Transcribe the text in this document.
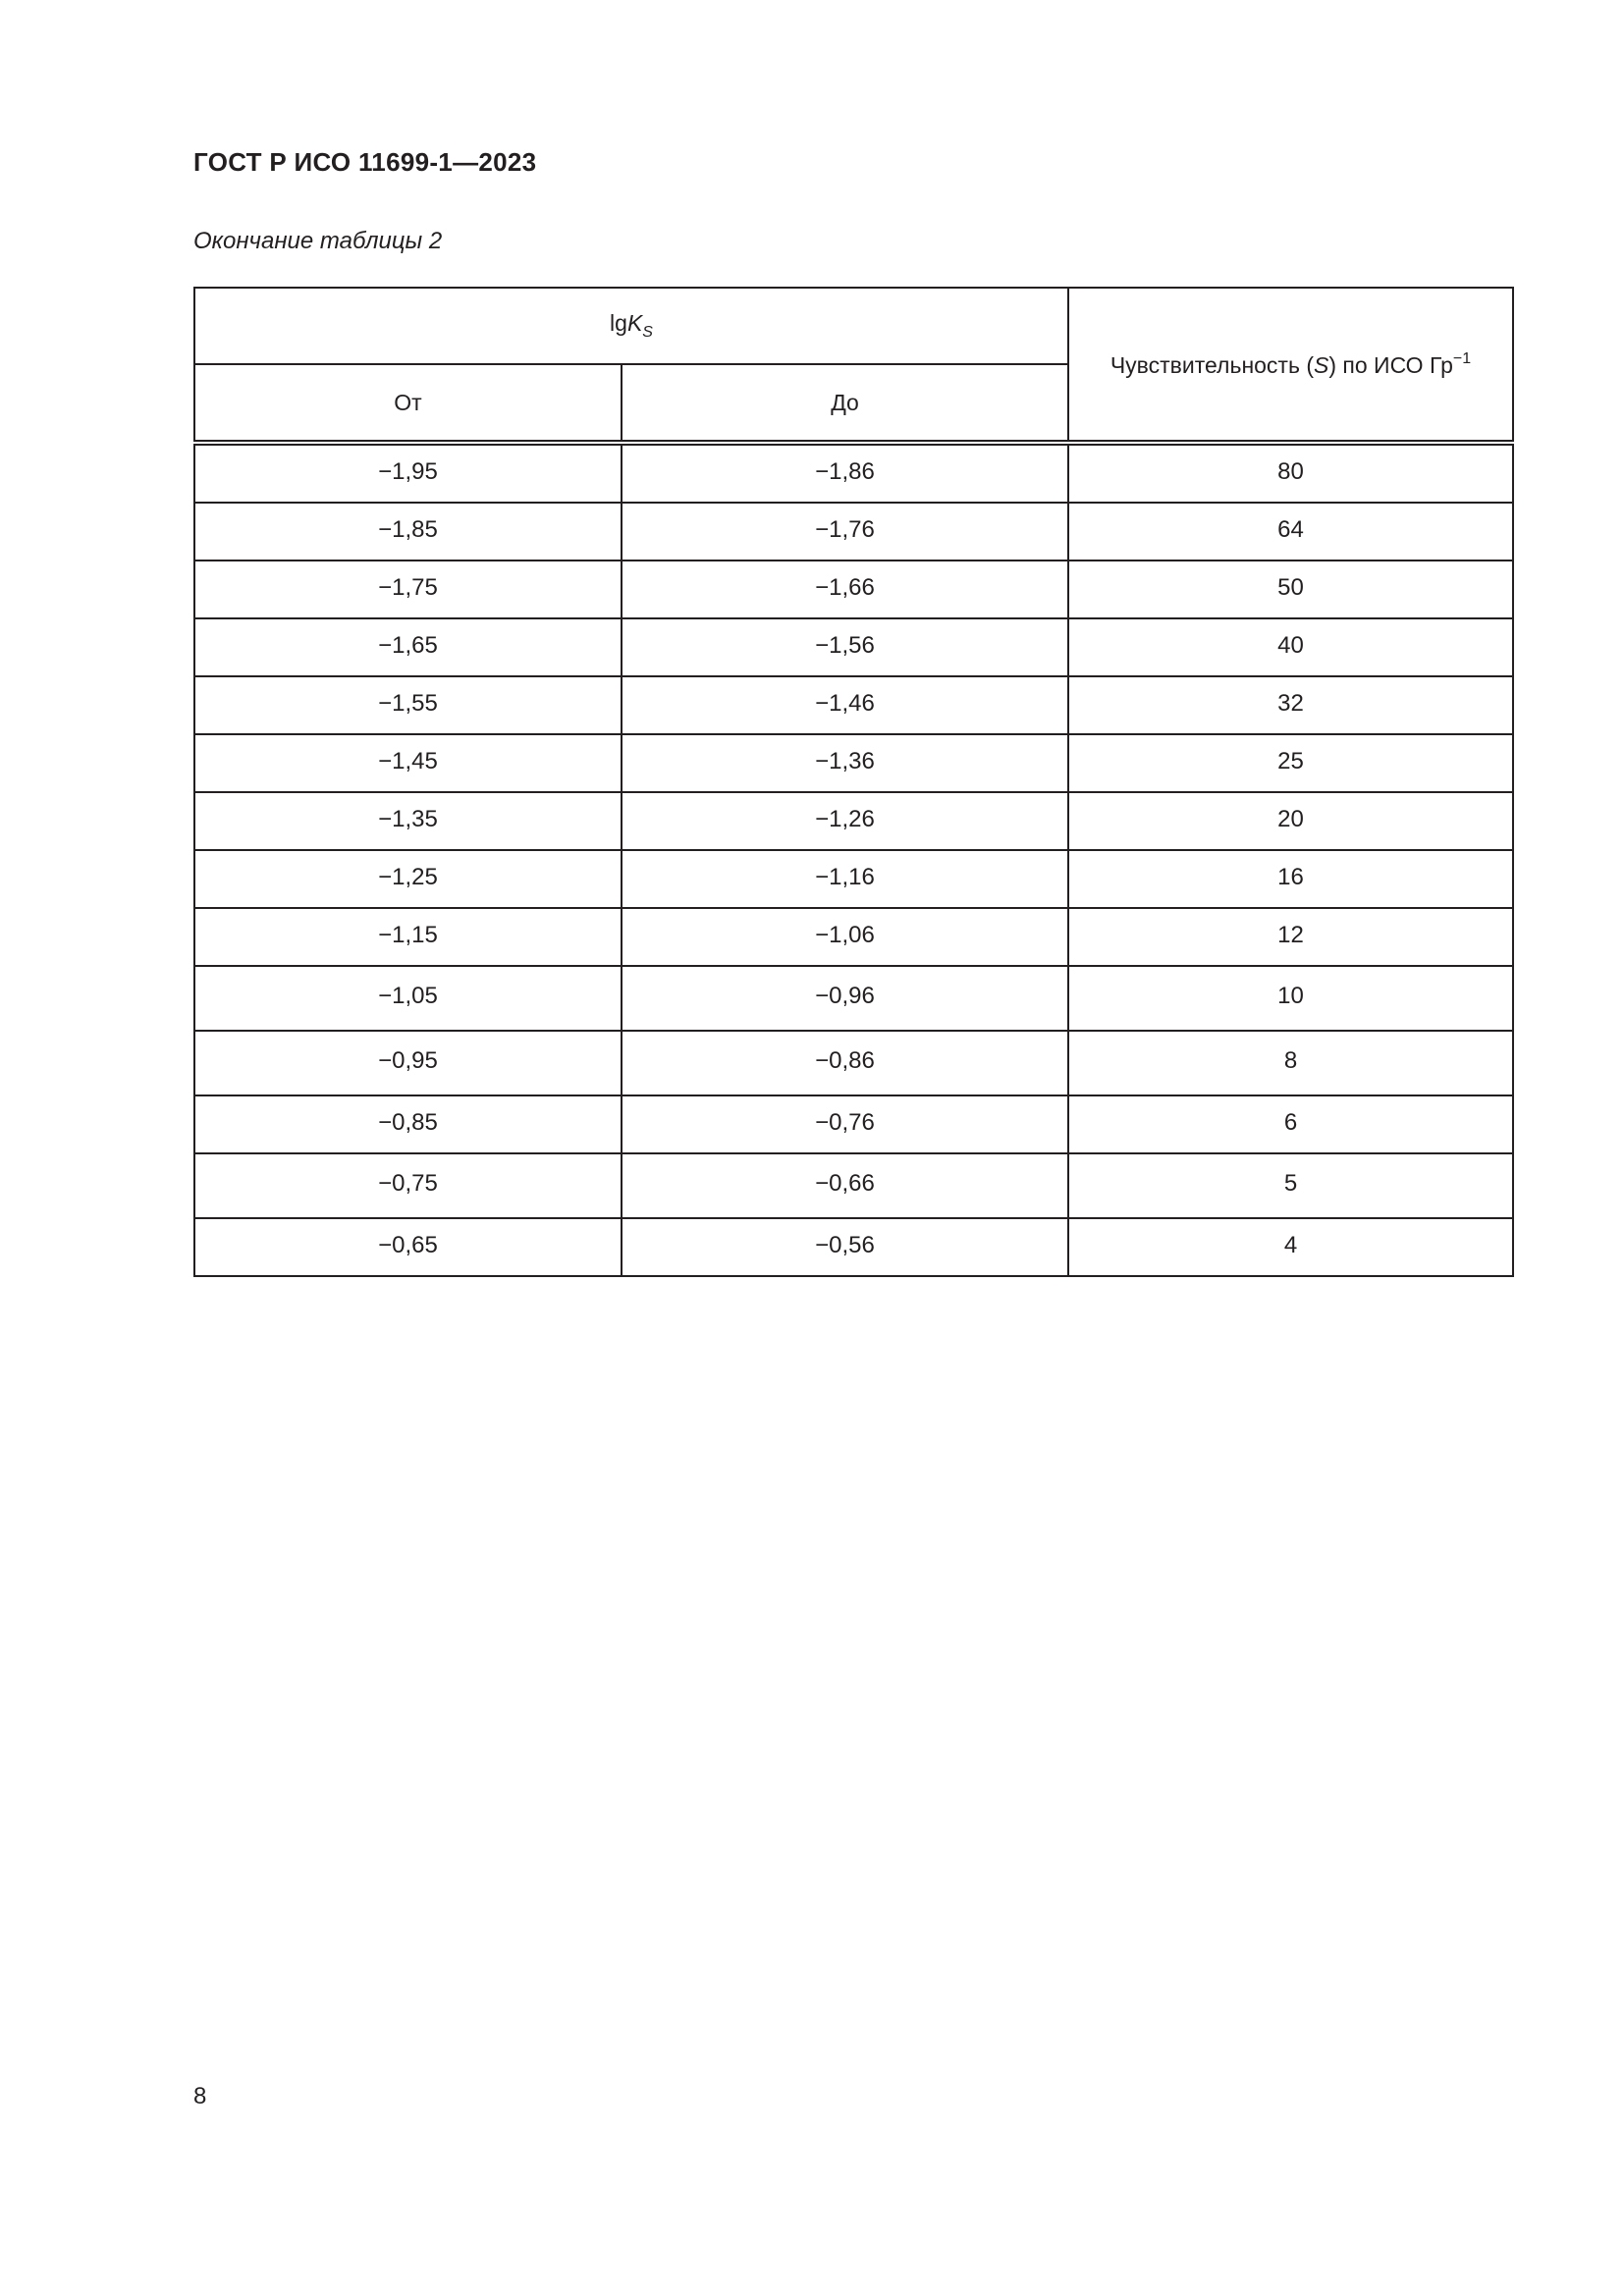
ГОСТ Р ИСО 11699-1—2023
Окончание таблицы 2
lgK$_S$		Чувствительность (S) по ИСО $Гр^{-1}$
От	До	
−1,95	−1,86	80
−1,85	−1,76	64
−1,75	−1,66	50
−1,65	−1,56	40
−1,55	−1,46	32
−1,45	−1,36	25
−1,35	−1,26	20
−1,25	−1,16	16
−1,15	−1,06	12
−1,05	−0,96	10
−0,95	−0,86	8
−0,85	−0,76	6
−0,75	−0,66	5
−0,65	−0,56	4
8
